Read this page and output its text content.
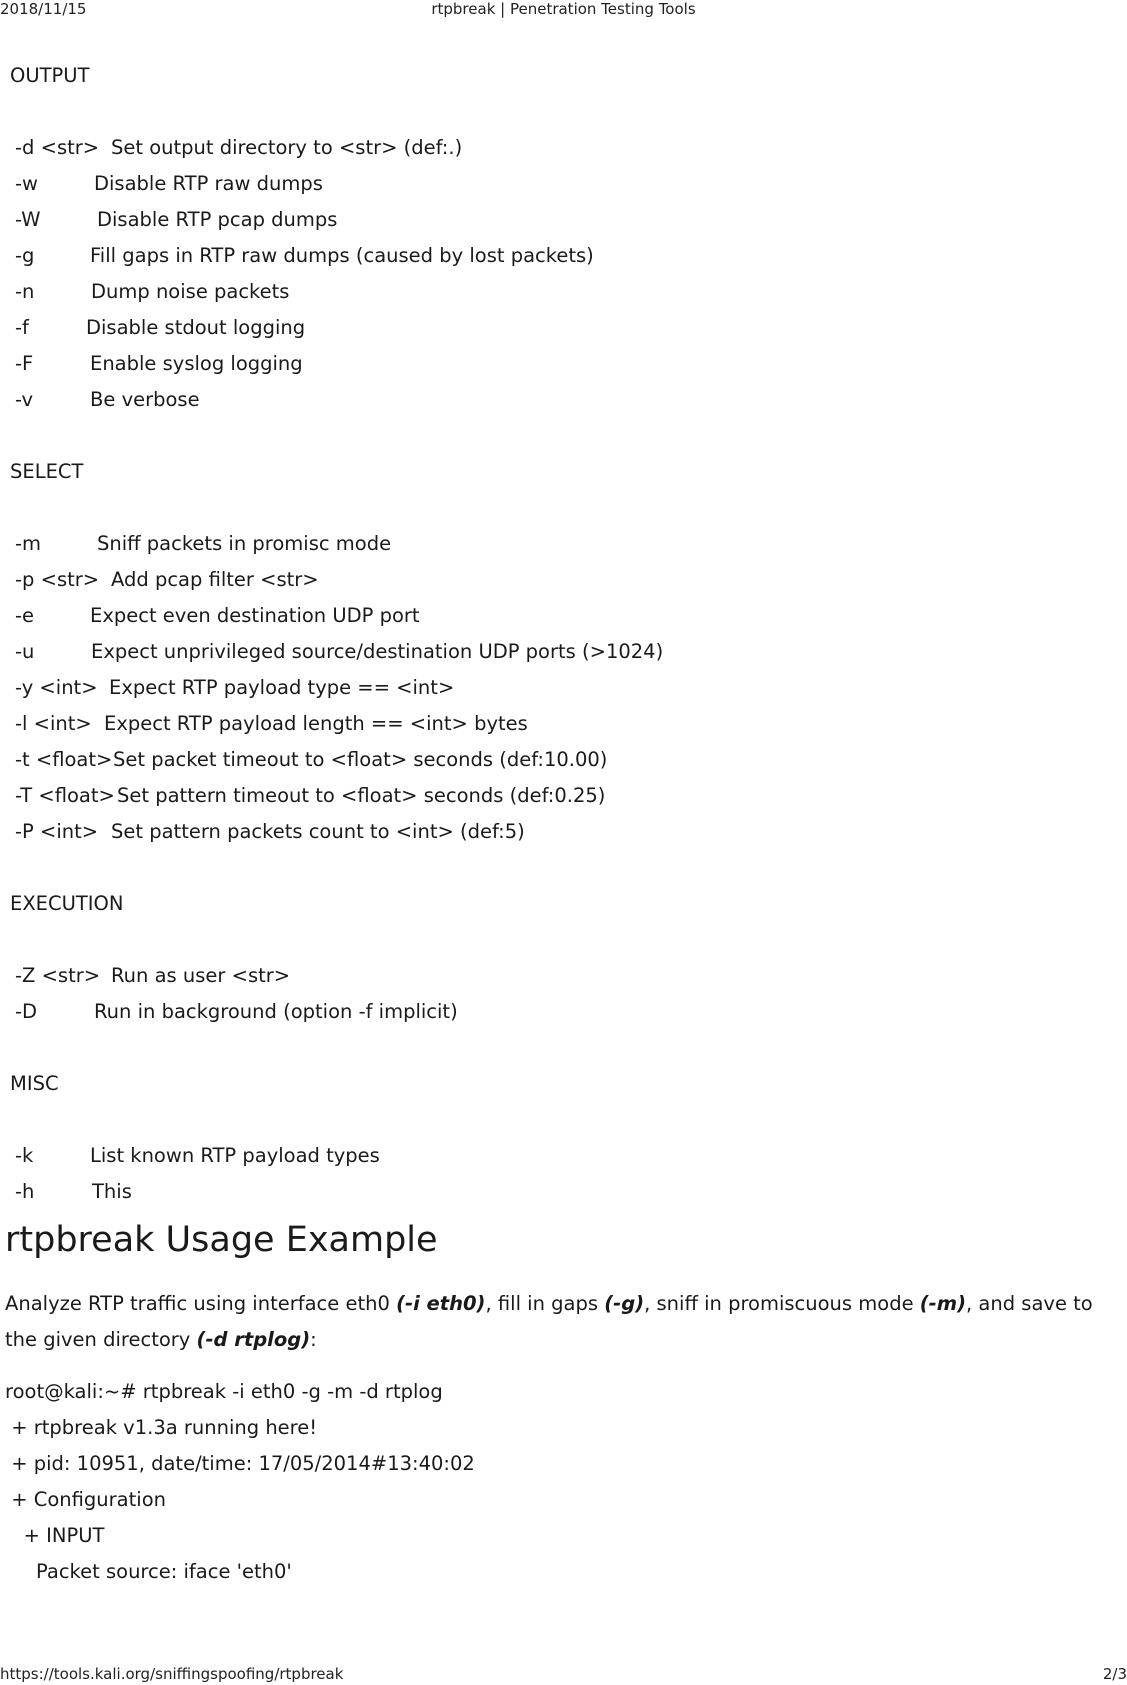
2018/11/15	rtpbreak | Penetration Testing Tools
OUTPUT
-d <str> Set output directory to <str> (def:.)
-w	Disable RTP raw dumps
-W	Disable RTP pcap dumps
-g	Fill gaps in RTP raw dumps (caused by lost packets)
-n	Dump noise packets
-f	Disable stdout logging
-F	Enable syslog logging
-v	Be verbose
SELECT
-m	Sniff packets in promisc mode
-p <str> Add pcap filter <str>
-e	Expect even destination UDP port
-u	Expect unprivileged source/destination UDP ports (>1024)
-y <int> Expect RTP payload type == <int>
-l <int> Expect RTP payload length == <int> bytes
-t <float> Set packet timeout to <float> seconds (def:10.00)
-T <float> Set pattern timeout to <float> seconds (def:0.25)
-P <int> Set pattern packets count to <int> (def:5)
EXECUTION
-Z <str> Run as user <str>
-D	Run in background (option -f implicit)
MISC
-k	List known RTP payload types
-h	This
rtpbreak Usage Example
Analyze RTP traffic using interface eth0 (-i eth0), fill in gaps (-g), sniff in promiscuous mode (-m), and save to the given directory (-d rtplog):
root@kali:~# rtpbreak -i eth0 -g -m -d rtplog
+ rtpbreak v1.3a running here!
+ pid: 10951, date/time: 17/05/2014#13:40:02
+ Configuration
+ INPUT
Packet source: iface 'eth0'
https://tools.kali.org/sniffingspoofing/rtpbreak	2/3
